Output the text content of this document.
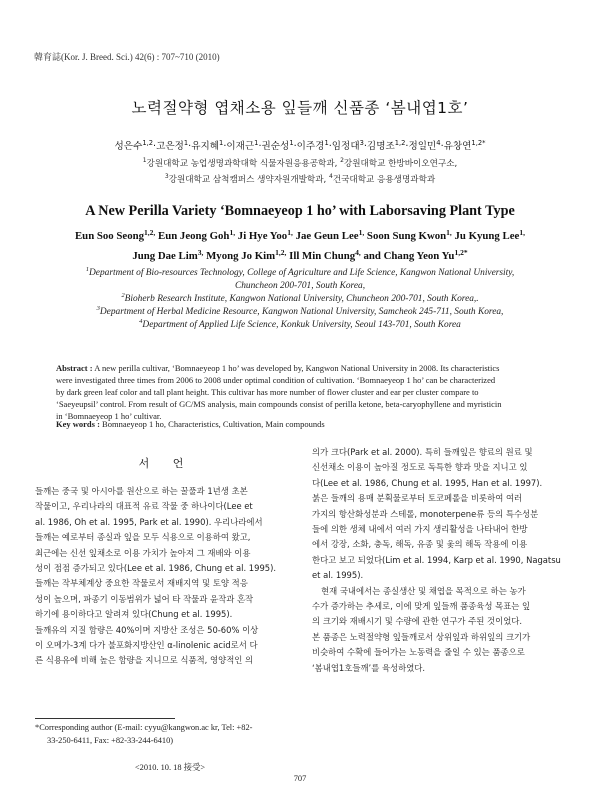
韓育誌(Kor. J. Breed. Sci.) 42(6) : 707~710 (2010)
노력절약형 엽채소용 잎들깨 신품종 ‘봄내엽1호’
성은수$^{1,2}$·고은정$^1$·유지혜$^1$·이재근$^1$·권순성$^1$·이주경$^1$·임정대$^3$·김명조$^{1,2}$·정일민$^4$·유창연$^{1,2*}$
$^1$강원대학교 농업생명과학대학 식물자원응용공학과, $^2$강원대학교 한방바이오연구소,
$^3$강원대학교 삼척캠퍼스 생약자원개발학과, $^4$건국대학교 응용생명과학과
A New Perilla Variety ‘Bomnaeyeop 1 ho’ with Laborsaving Plant Type
Eun Soo Seong$^{1,2,}$ Eun Jeong Goh$^{1,}$ Ji Hye Yoo$^{1,}$ Jae Geun Lee$^{1,}$ Soon Sung Kwon$^{1,}$ Ju Kyung Lee$^{1,}$
Jung Dae Lim$^{3,}$ Myong Jo Kim$^{1,2,}$ Ill Min Chung$^{4,}$ and Chang Yeon $Yu^{1,2*}$
$^1$Department of Bio-resources Technology, College of Agriculture and Life Science, Kangwon National University,
Chuncheon 200-701, South Korea,
$^2$Bioherb Research Institute, Kangwon National University, Chuncheon 200-701, South Korea,.
$^3$Department of Herbal Medicine Resource, Kangwon National University, Samcheok 245-711, South Korea,
$^4$Department of Applied Life Science, Konkuk University, Seoul 143-701, South Korea
Abstract : A new perilla cultivar, ‘Bomnaeyeop 1 ho’ was developed by, Kangwon National University in 2008. Its characteristics
were investigated three times from 2006 to 2008 under optimal condition of cultivation. ‘Bomnaeyeop 1 ho’ can be characterized
by dark green leaf color and tall plant height. This cultivar has more number of flower cluster and ear per cluster compare to
‘Saeyeupsil’ control. From result of GC/MS analysis, main compounds consist of perilla ketone, beta-caryophyllene and myristicin
in ‘Bomnaeyeop 1 ho’ cultivar.
Key words : Bomnaeyeop 1 ho, Characteristics, Cultivation, Main compounds
서 언
들깨는 중국 및 아시아를 원산으로 하는 꿀풀과 1년생 초본
작물이고, 우리나라의 대표적 유료 작물 중 하나이다(Lee et
al. 1986, Oh et al. 1995, Park et al. 1990). 우리나라에서
들깨는 예로부터 종실과 잎을 모두 식용으로 이용하여 왔고,
최근에는 신선 잎채소로 이용 가치가 높아져 그 재배와 이용
성이 점점 증가되고 있다(Lee et al. 1986, Chung et al. 1995).
들깨는 작부체계상 중요한 작물로서 재배지역 및 토양 적응
성이 높으며, 파종기 이동범위가 넓어 타 작물과 윤작과 혼작
하기에 용이하다고 알려져 있다(Chung et al. 1995).
들깨유의 지질 함량은 40%이며 지방산 조성은 50-60% 이상
이 오메가-3계 다가 불포화지방산인 α-linolenic acid로서 다
른 식용유에 비해 높은 함량을 지니므로 식품적, 영양적인 의
의가 크다(Park et al. 2000). 특히 들깨잎은 향료의 원료 및
신선채소 이용이 높아질 정도로 독특한 향과 맛을 지니고 있
다(Lee et al. 1986, Chung et al. 1995, Han et al. 1997).
붉은 들깨의 용매 분획물로부터 토코페롤을 비롯하여 여러
가지의 항산화성분과 스테롤, monoterpene류 등의 특수성분
들에 의한 생체 내에서 여러 가지 생리활성을 나타내어 한방
에서 강장, 소화, 충독, 해독, 유종 및 옻의 해독 작용에 이용
한다고 보고 되었다(Lim et al. 1994, Karp et al. 1990, Nagatsu
et al. 1995).
현재 국내에서는 종실생산 및 채엽을 목적으로 하는 농가
수가 증가하는 추세로, 이에 맞게 잎들깨 품종육성 목표는 잎
의 크기와 재배시기 및 수량에 관한 연구가 주된 것이었다.
본 품종은 노력절약형 잎들깨로서 상위잎과 하위잎의 크기가
비슷하여 수확에 들어가는 노동력을 줄일 수 있는 품종으로
‘봄내엽1호들깨’를 육성하였다.
*Corresponding author (E-mail: cyyu@kangwon.ac kr, Tel: +82-
33-250-6411, Fax: +82-33-244-6410)
<2010. 10. 18 接受>
707
